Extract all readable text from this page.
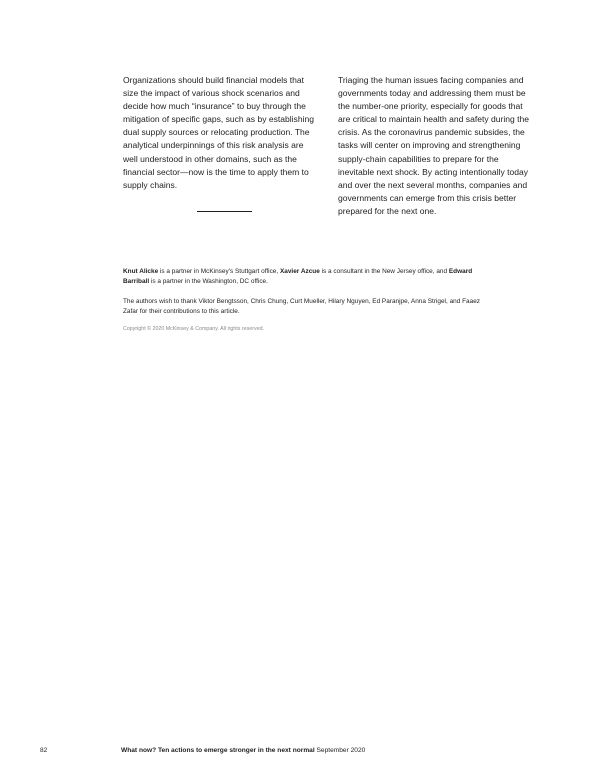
Organizations should build financial models that
size the impact of various shock scenarios and
decide how much “insurance” to buy through the
mitigation of specific gaps, such as by establishing
dual supply sources or relocating production. The
analytical underpinnings of this risk analysis are
well understood in other domains, such as the
financial sector—now is the time to apply them to
supply chains.
Triaging the human issues facing companies and
governments today and addressing them must be
the number-one priority, especially for goods that
are critical to maintain health and safety during the
crisis. As the coronavirus pandemic subsides, the
tasks will center on improving and strengthening
supply-chain capabilities to prepare for the
inevitable next shock. By acting intentionally today
and over the next several months, companies and
governments can emerge from this crisis better
prepared for the next one.
Knut Alicke is a partner in McKinsey’s Stuttgart office, Xavier Azcue is a consultant in the New Jersey office, and Edward
Barriball is a partner in the Washington, DC office.
The authors wish to thank Viktor Bengtsson, Chris Chung, Curt Mueller, Hilary Nguyen, Ed Paranjpe, Anna Strigel, and Faaez
Zafar for their contributions to this article.
Copyright © 2020 McKinsey & Company. All rights reserved.
82	What now? Ten actions to emerge stronger in the next normal September 2020
